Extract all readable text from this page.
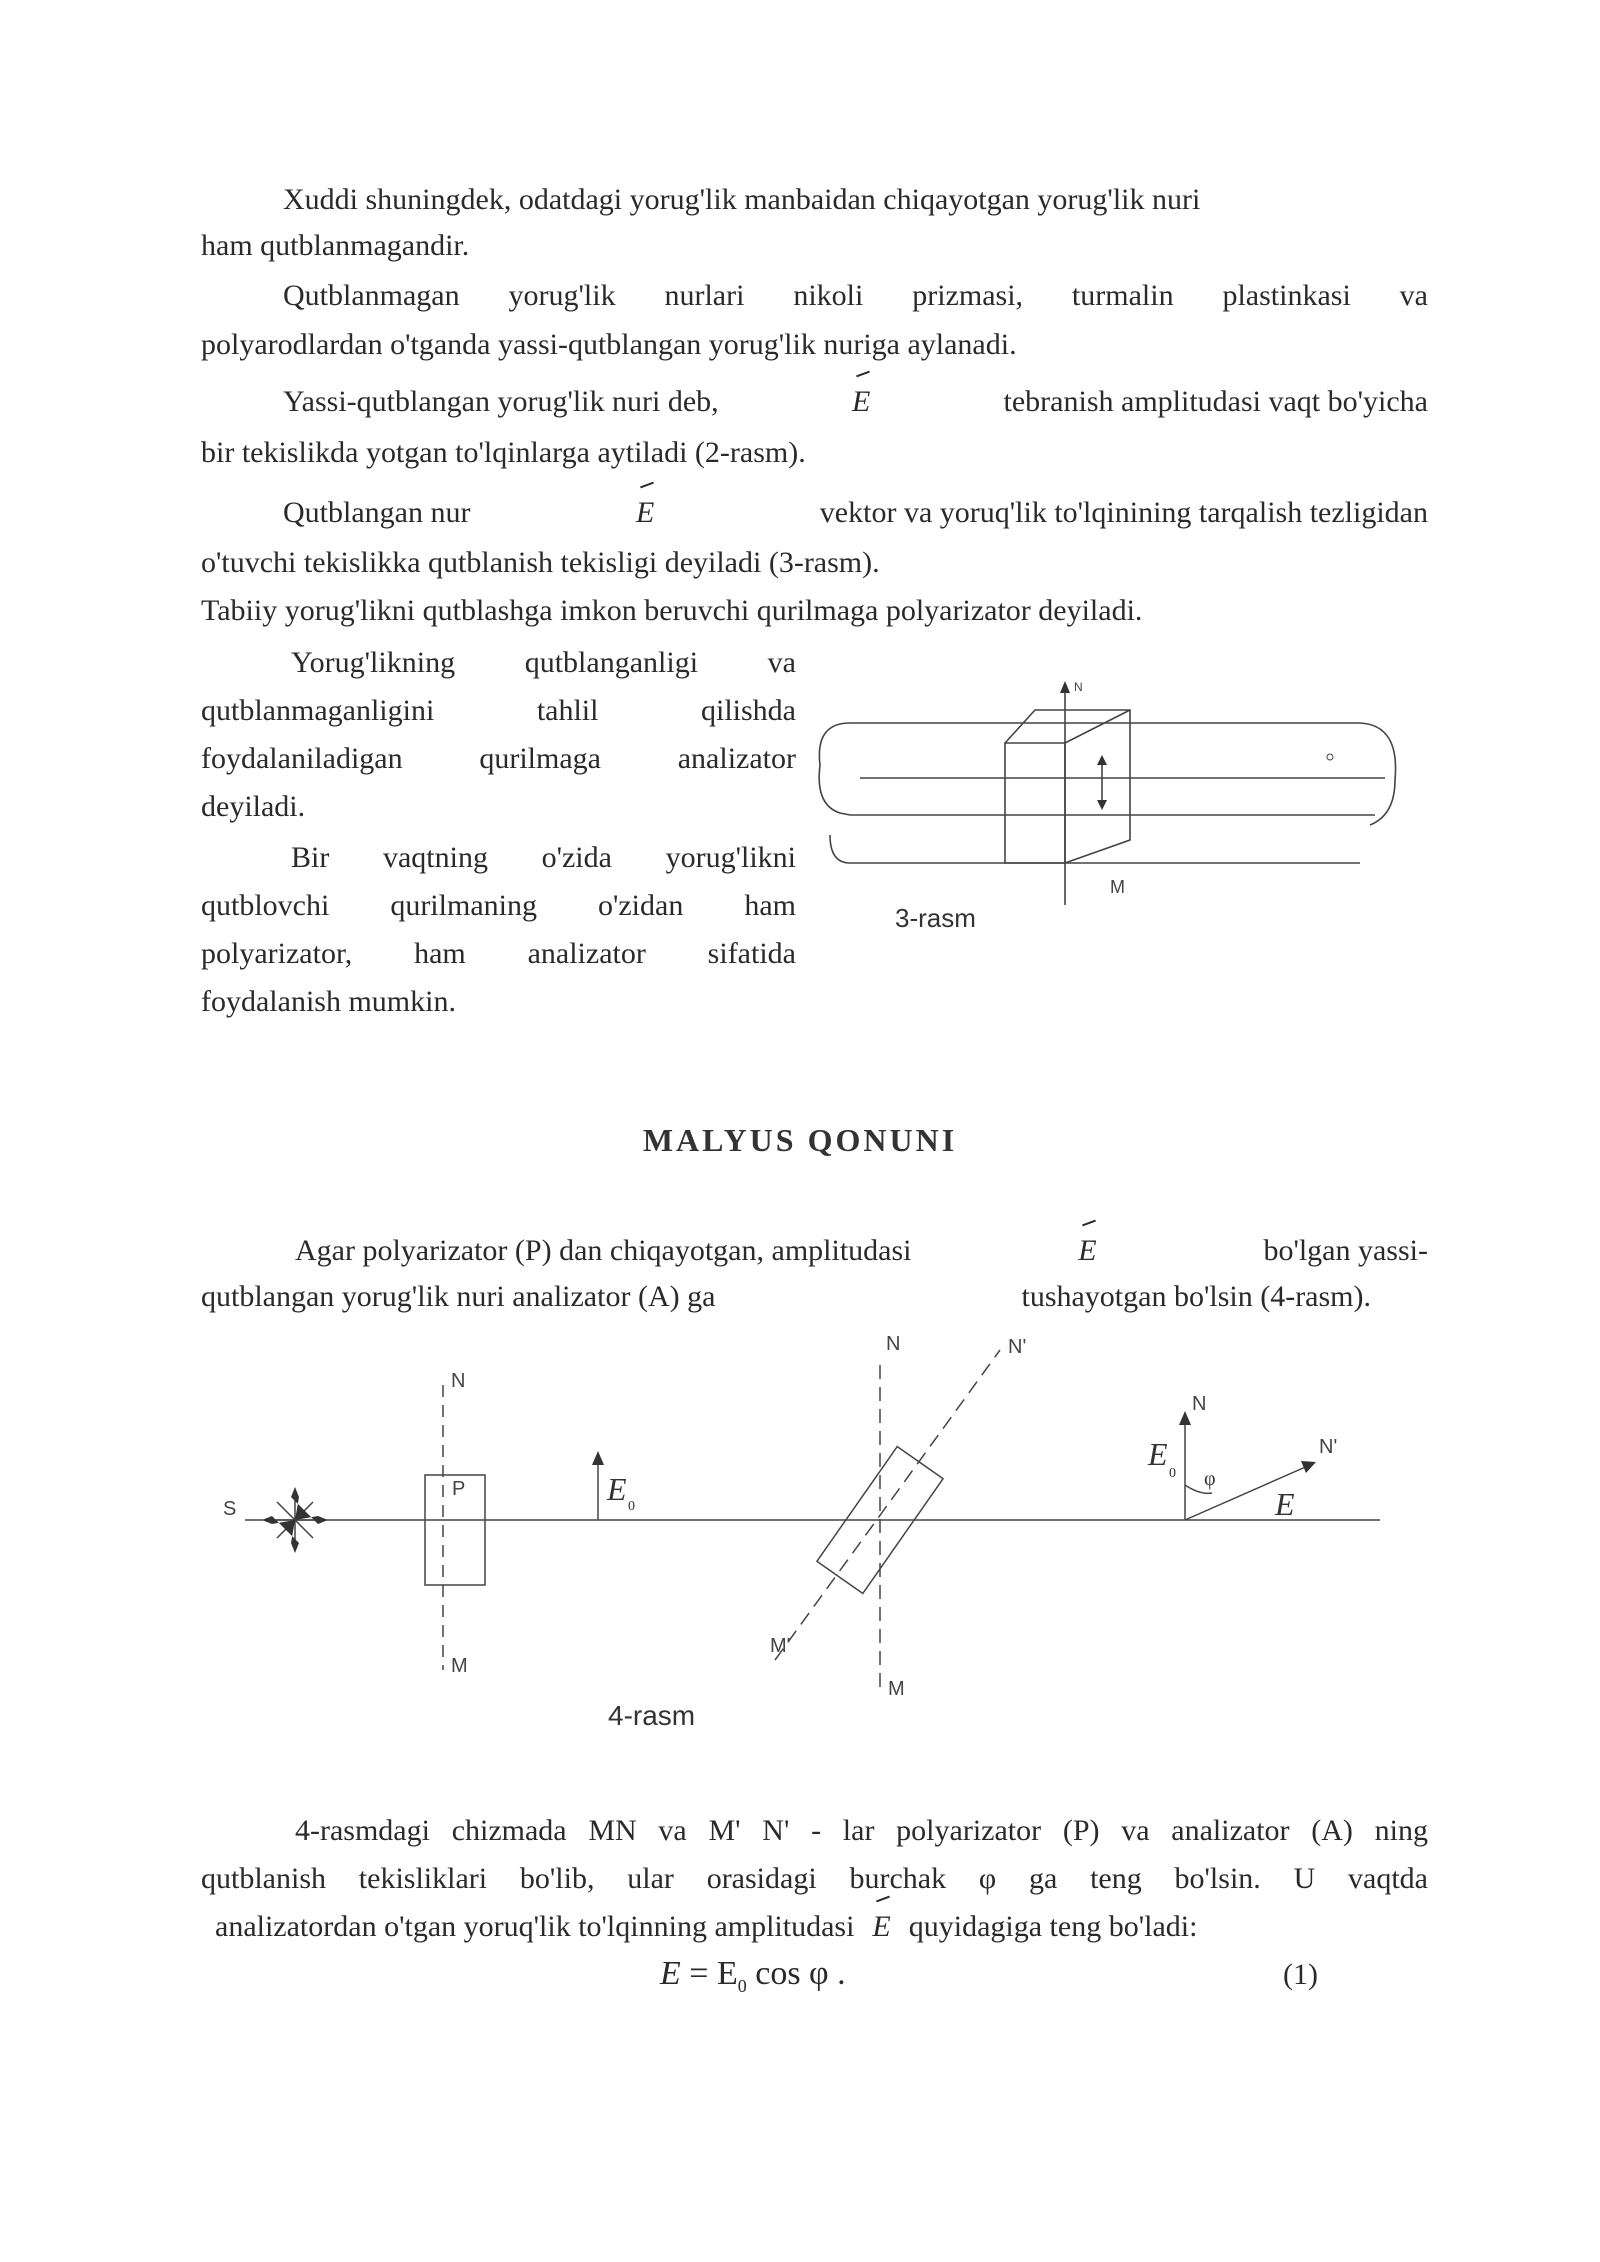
Xuddi shuningdek, odatdagi yorug'lik manbaidan chiqayotgan yorug'lik nuri

ham qutblanmagandir.

Qutblanmagan yorug'lik nurlari nikoli prizmasi, turmalin plastinkasi va

polyarodlardan o'tganda yassi-qutblangan yorug'lik nuriga aylanadi.

Yassi-qutblangan yorug'lik nuri deb,	E	tebranish amplitudasi vaqt bo'yicha

bir tekislikda yotgan to'lqinlarga aytiladi (2-rasm).

Qutblangan nur	E	vektor va yoruq'lik to'lqinining tarqalish tezligidan

o'tuvchi tekislikka qutblanish tekisligi deyiladi (3-rasm).

Tabiiy yorug'likni qutblashga imkon beruvchi qurilmaga polyarizator deyiladi.

Yorug'likning qutblanganligi va

qutblanmaganligini tahlil qilishda

foydalaniladigan qurilmaga analizator

deyiladi.

Bir vaqtning o'zida yorug'likni

qutblovchi qurilmaning o'zidan ham

polyarizator, ham analizator sifatida

foydalanish mumkin.

N
M
3-rasm
MALYUS QONUNI

Agar polyarizator (P) dan chiqayotgan, amplitudasi	E	bo'lgan yassi-

qutblangan yorug'lik nuri analizator (A) ga	tushayotgan bo'lsin (4-rasm).

S
P
N
M
E 0
N	N'
M'
M
E
0
N
N'
φ
E
4-rasm

4-rasmdagi chizmada MN va M' N' - lar polyarizator (P) va analizator (A) ning

qutblanish tekisliklari bo'lib, ular orasidagi burchak φ ga teng bo'lsin. U vaqtda

analizatordan o'tgan yoruq'lik to'lqinning amplitudasi E quyidagiga teng bo'ladi:

$E = E_0$ cos φ .	(1)
